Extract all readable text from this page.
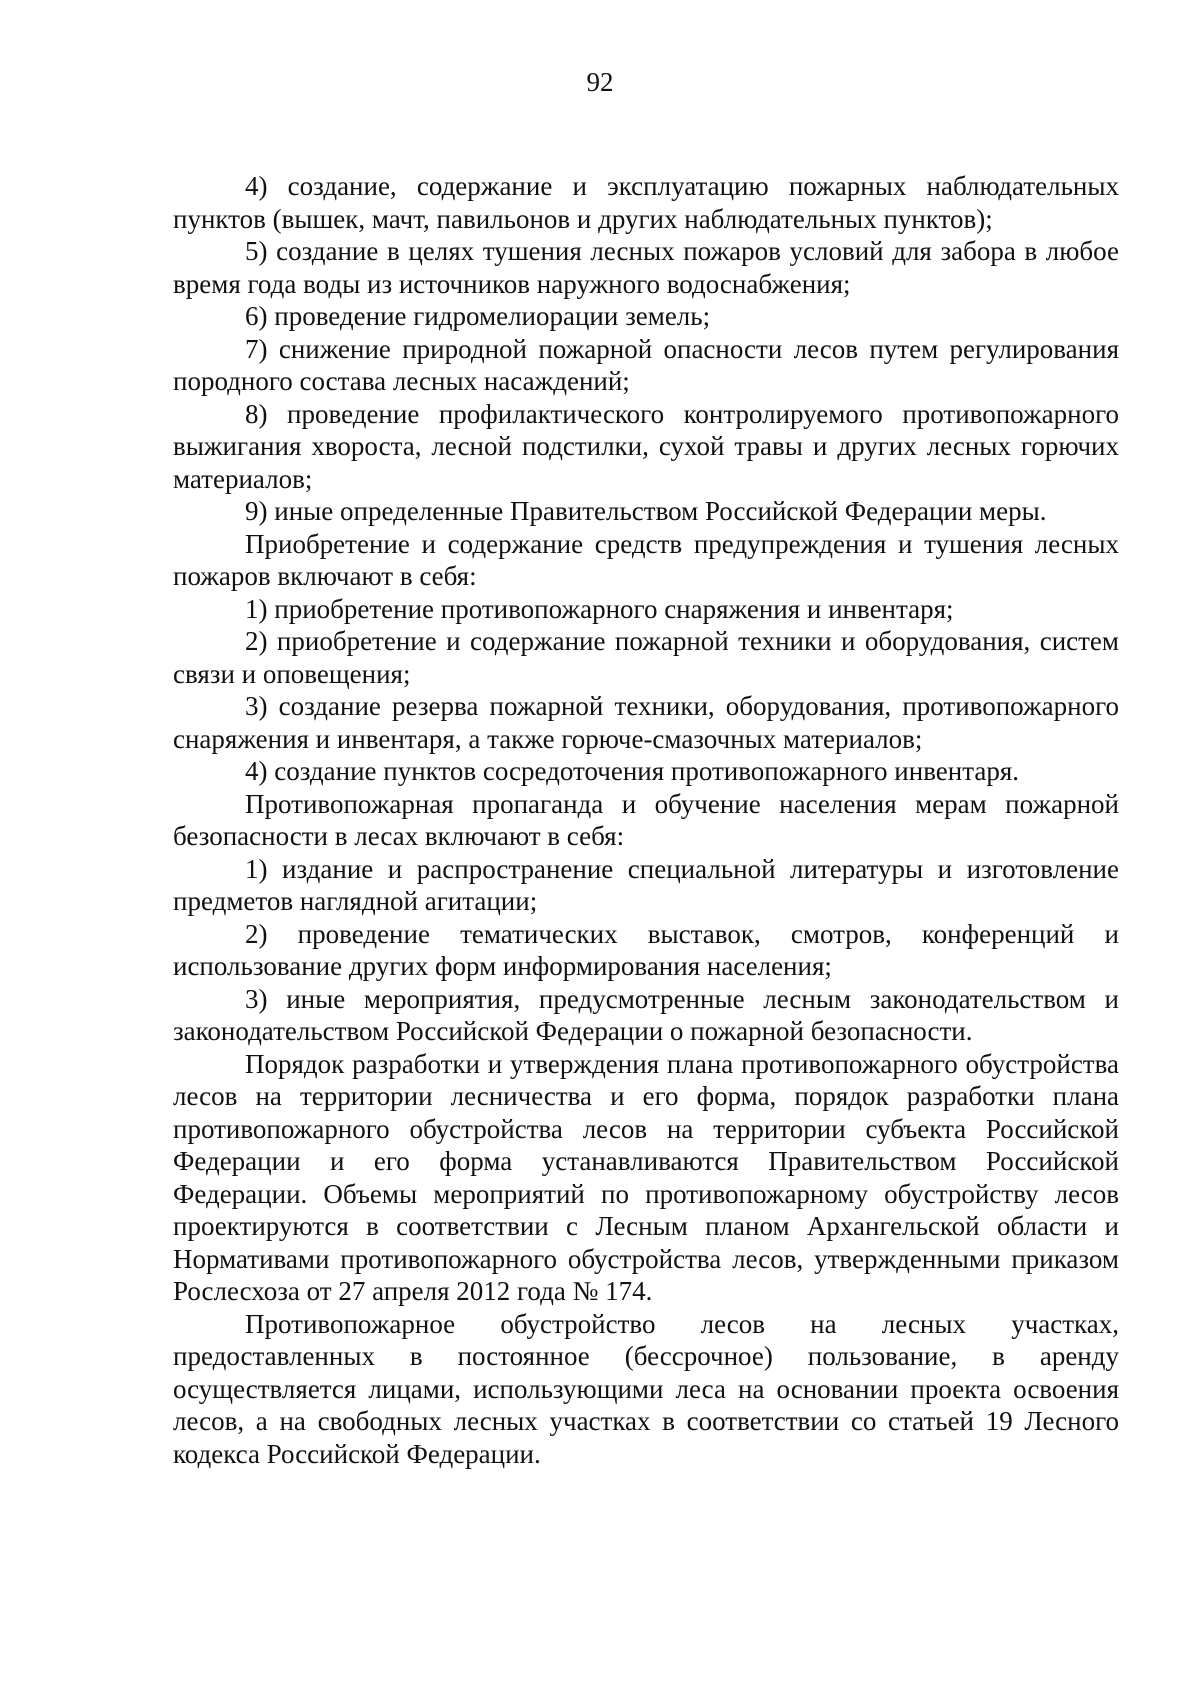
92

4) создание, содержание и эксплуатацию пожарных наблюдательных пунктов (вышек, мачт, павильонов и других наблюдательных пунктов);

5) создание в целях тушения лесных пожаров условий для забора в любое время года воды из источников наружного водоснабжения;

6) проведение гидромелиорации земель;

7) снижение природной пожарной опасности лесов путем регулирования породного состава лесных насаждений;

8) проведение профилактического контролируемого противопожарного выжигания хвороста, лесной подстилки, сухой травы и других лесных горючих материалов;

9) иные определенные Правительством Российской Федерации меры.

Приобретение и содержание средств предупреждения и тушения лесных пожаров включают в себя:

1) приобретение противопожарного снаряжения и инвентаря;

2) приобретение и содержание пожарной техники и оборудования, систем связи и оповещения;

3) создание резерва пожарной техники, оборудования, противопожарного снаряжения и инвентаря, а также горюче-смазочных материалов;

4) создание пунктов сосредоточения противопожарного инвентаря.

Противопожарная пропаганда и обучение населения мерам пожарной безопасности в лесах включают в себя:

1) издание и распространение специальной литературы и изготовление предметов наглядной агитации;

2) проведение тематических выставок, смотров, конференций и использование других форм информирования населения;

3) иные мероприятия, предусмотренные лесным законодательством и законодательством Российской Федерации о пожарной безопасности.

Порядок разработки и утверждения плана противопожарного обустройства лесов на территории лесничества и его форма, порядок разработки плана противопожарного обустройства лесов на территории субъекта Российской Федерации и его форма устанавливаются Правительством Российской Федерации. Объемы мероприятий по противопожарному обустройству лесов проектируются в соответствии с Лесным планом Архангельской области и Нормативами противопожарного обустройства лесов, утвержденными приказом Рослесхоза от 27 апреля 2012 года № 174.

Противопожарное обустройство лесов на лесных участках, предоставленных в постоянное (бессрочное) пользование, в аренду осуществляется лицами, использующими леса на основании проекта освоения лесов, а на свободных лесных участках в соответствии со статьей 19 Лесного кодекса Российской Федерации.
